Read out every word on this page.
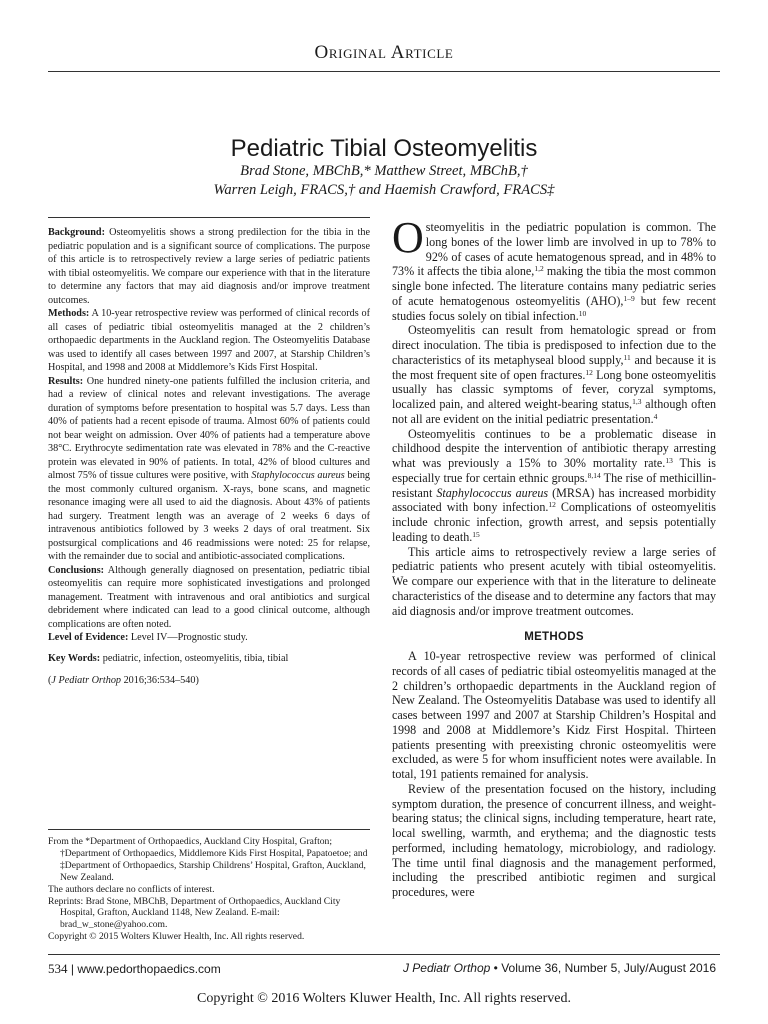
Original Article
Pediatric Tibial Osteomyelitis
Brad Stone, MBChB,* Matthew Street, MBChB,†
Warren Leigh, FRACS,† and Haemish Crawford, FRACS‡

Background: Osteomyelitis shows a strong predilection for the tibia in the pediatric population and is a significant source of complications. The purpose of this article is to retrospectively review a large series of pediatric patients with tibial osteomyelitis. We compare our experience with that in the literature to determine any factors that may aid diagnosis and/or improve treatment outcomes.

Methods: A 10-year retrospective review was performed of clinical records of all cases of pediatric tibial osteomyelitis managed at the 2 children’s orthopaedic departments in the Auckland region. The Osteomyelitis Database was used to identify all cases between 1997 and 2007, at Starship Children’s Hospital, and 1998 and 2008 at Middlemore’s Kids First Hospital.

Results: One hundred ninety-one patients fulfilled the inclusion criteria, and had a review of clinical notes and relevant investigations. The average duration of symptoms before presentation to hospital was 5.7 days. Less than 40% of patients had a recent episode of trauma. Almost 60% of patients could not bear weight on admission. Over 40% of patients had a temperature above 38°C. Erythrocyte sedimentation rate was elevated in 78% and the C-reactive protein was elevated in 90% of patients. In total, 42% of blood cultures and almost 75% of tissue cultures were positive, with Staphylococcus aureus being the most commonly cultured organism. X-rays, bone scans, and magnetic resonance imaging were all used to aid the diagnosis. About 43% of patients had surgery. Treatment length was an average of 2 weeks 6 days of intravenous antibiotics followed by 3 weeks 2 days of oral treatment. Six postsurgical complications and 46 readmissions were noted: 25 for relapse, with the remainder due to social and antibiotic-associated complications.

Conclusions: Although generally diagnosed on presentation, pediatric tibial osteomyelitis can require more sophisticated investigations and prolonged management. Treatment with intravenous and oral antibiotics and surgical debridement where indicated can lead to a good clinical outcome, although complications are often noted.

Level of Evidence: Level IV—Prognostic study.

Key Words: pediatric, infection, osteomyelitis, tibia, tibial

(J Pediatr Orthop 2016;36:534–540)

From the *Department of Orthopaedics, Auckland City Hospital, Grafton; †Department of Orthopaedics, Middlemore Kids First Hospital, Papatoetoe; and ‡Department of Orthopaedics, Starship Childrens’ Hospital, Grafton, Auckland, New Zealand.

The authors declare no conflicts of interest.

Reprints: Brad Stone, MBChB, Department of Orthopaedics, Auckland City Hospital, Grafton, Auckland 1148, New Zealand. E-mail: brad_w_stone@yahoo.com.

Copyright © 2015 Wolters Kluwer Health, Inc. All rights reserved.

Osteomyelitis in the pediatric population is common. The long bones of the lower limb are involved in up to 78% to 92% of cases of acute hematogenous spread, and in 48% to 73% it affects the tibia alone,$^{1,2}$ making the tibia the most common single bone infected. The literature contains many pediatric series of acute hematogenous osteomyelitis (AHO),$^{1-9}$ but few recent studies focus solely on tibial infection.$^{10}$

Osteomyelitis can result from hematologic spread or from direct inoculation. The tibia is predisposed to infection due to the characteristics of its metaphyseal blood supply,$^{11}$ and because it is the most frequent site of open fractures.$^{12}$ Long bone osteomyelitis usually has classic symptoms of fever, coryzal symptoms, localized pain, and altered weight-bearing status,$^{1,3}$ although often not all are evident on the initial pediatric presentation.$^4$

Osteomyelitis continues to be a problematic disease in childhood despite the intervention of antibiotic therapy arresting what was previously a 15% to 30% mortality rate.$^{13}$ This is especially true for certain ethnic groups.$^{8,14}$ The rise of methicillin-resistant Staphylococcus aureus (MRSA) has increased morbidity associated with bony infection.$^{12}$ Complications of osteomyelitis include chronic infection, growth arrest, and sepsis potentially leading to death.$^{15}$

This article aims to retrospectively review a large series of pediatric patients who present acutely with tibial osteomyelitis. We compare our experience with that in the literature to delineate characteristics of the disease and to determine any factors that may aid diagnosis and/or improve treatment outcomes.

METHODS

A 10-year retrospective review was performed of clinical records of all cases of pediatric tibial osteomyelitis managed at the 2 children’s orthopaedic departments in the Auckland region of New Zealand. The Osteomyelitis Database was used to identify all cases between 1997 and 2007 at Starship Children’s Hospital and 1998 and 2008 at Middlemore’s Kidz First Hospital. Thirteen patients presenting with preexisting chronic osteomyelitis were excluded, as were 5 for whom insufficient notes were available. In total, 191 patients remained for analysis.

Review of the presentation focused on the history, including symptom duration, the presence of concurrent illness, and weight-bearing status; the clinical signs, including temperature, heart rate, local swelling, warmth, and erythema; and the diagnostic tests performed, including hematology, microbiology, and radiology. The time until final diagnosis and the management performed, including the prescribed antibiotic regimen and surgical procedures, were

534 | www.pedorthopaedics.com	J Pediatr Orthop • Volume 36, Number 5, July/August 2016
Copyright © 2016 Wolters Kluwer Health, Inc. All rights reserved.
